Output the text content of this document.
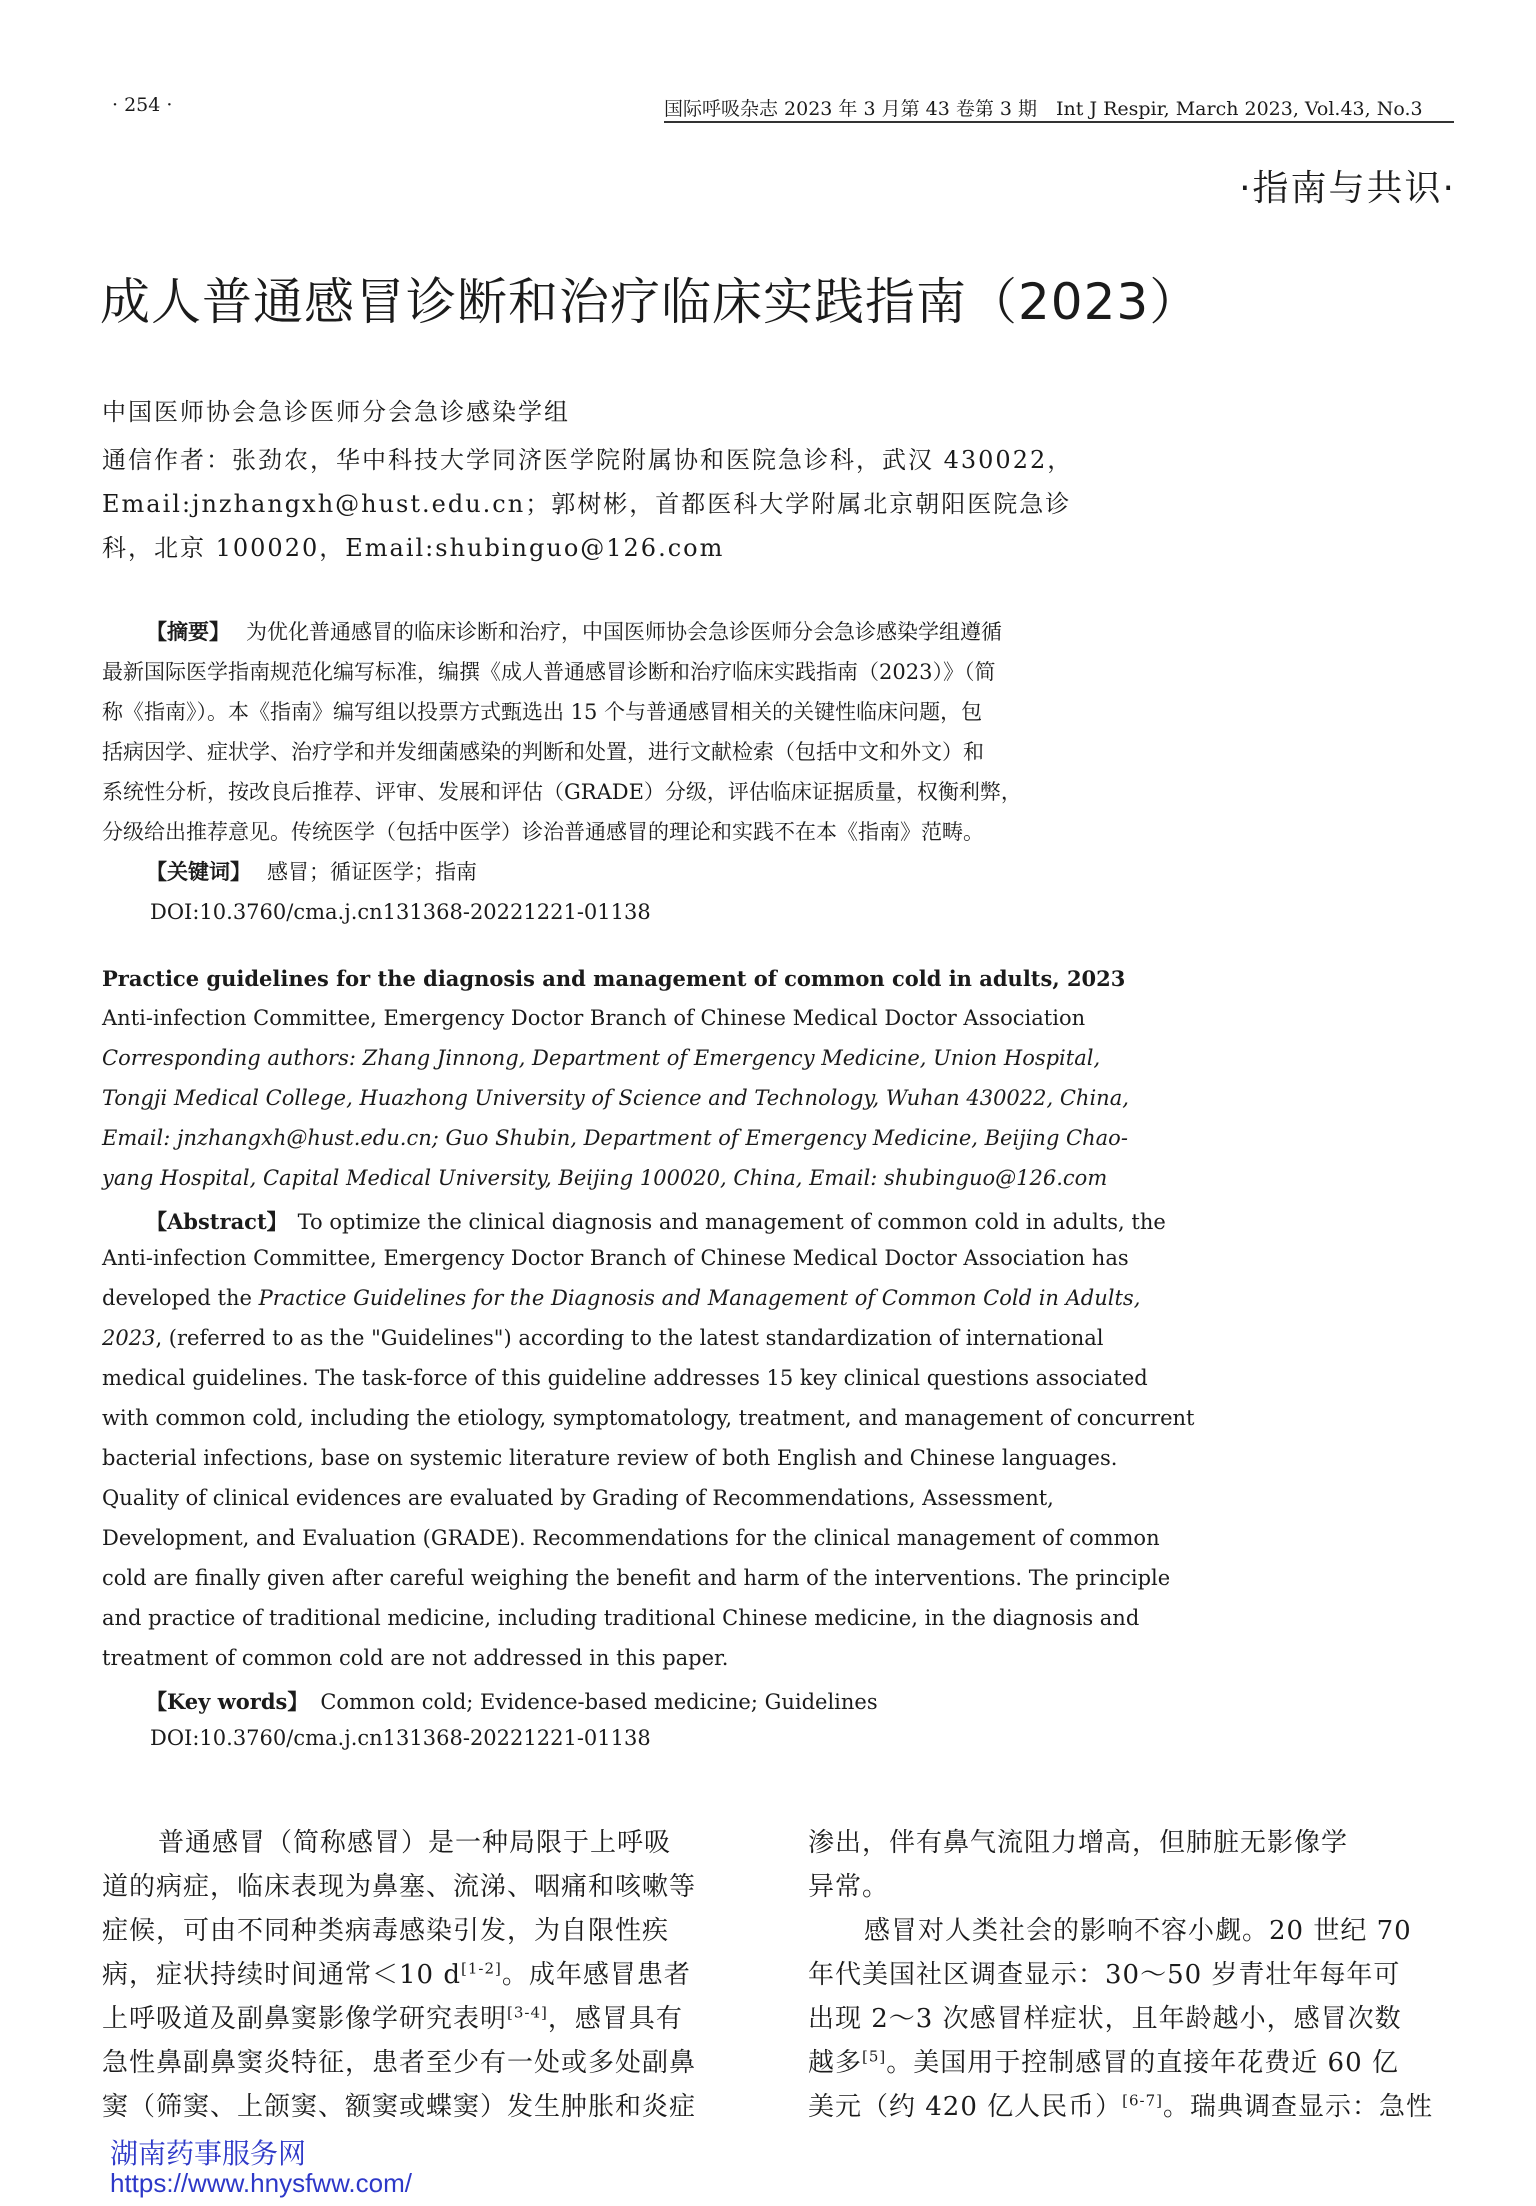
· 254 ·	国际呼吸杂志 2023 年 3 月第 43 卷第 3 期　Int J Respir, March 2023, Vol.43, No.3
·指南与共识·
成人普通感冒诊断和治疗临床实践指南（2023）
中国医师协会急诊医师分会急诊感染学组
通信作者：张劲农，华中科技大学同济医学院附属协和医院急诊科，武汉 430022，
Email:jnzhangxh@hust.edu.cn；郭树彬，首都医科大学附属北京朝阳医院急诊
科，北京 100020，Email:shubinguo@126.com
【摘要】 为优化普通感冒的临床诊断和治疗，中国医师协会急诊医师分会急诊感染学组遵循
最新国际医学指南规范化编写标准，编撰《成人普通感冒诊断和治疗临床实践指南（2023）》（简
称《指南》）。本《指南》编写组以投票方式甄选出 15 个与普通感冒相关的关键性临床问题，包
括病因学、症状学、治疗学和并发细菌感染的判断和处置，进行文献检索（包括中文和外文）和
系统性分析，按改良后推荐、评审、发展和评估（GRADE）分级，评估临床证据质量，权衡利弊，
分级给出推荐意见。传统医学（包括中医学）诊治普通感冒的理论和实践不在本《指南》范畴。
【关键词】 感冒；循证医学；指南
DOI:10.3760/cma.j.cn131368-20221221-01138
Practice guidelines for the diagnosis and management of common cold in adults, 2023
Anti-infection Committee, Emergency Doctor Branch of Chinese Medical Doctor Association
Corresponding authors: Zhang Jinnong, Department of Emergency Medicine, Union Hospital,
Tongji Medical College, Huazhong University of Science and Technology, Wuhan 430022, China,
Email: jnzhangxh@hust.edu.cn; Guo Shubin, Department of Emergency Medicine, Beijing Chao-
yang Hospital, Capital Medical University, Beijing 100020, China, Email: shubinguo@126.com
【Abstract】 To optimize the clinical diagnosis and management of common cold in adults, the
Anti-infection Committee, Emergency Doctor Branch of Chinese Medical Doctor Association has
developed the Practice Guidelines for the Diagnosis and Management of Common Cold in Adults,
2023, (referred to as the "Guidelines") according to the latest standardization of international
medical guidelines. The task-force of this guideline addresses 15 key clinical questions associated
with common cold, including the etiology, symptomatology, treatment, and management of concurrent
bacterial infections, base on systemic literature review of both English and Chinese languages.
Quality of clinical evidences are evaluated by Grading of Recommendations, Assessment,
Development, and Evaluation (GRADE). Recommendations for the clinical management of common
cold are finally given after careful weighing the benefit and harm of the interventions. The principle
and practice of traditional medicine, including traditional Chinese medicine, in the diagnosis and
treatment of common cold are not addressed in this paper.
【Key words】 Common cold; Evidence-based medicine; Guidelines
DOI:10.3760/cma.j.cn131368-20221221-01138
普通感冒（简称感冒）是一种局限于上呼吸
道的病症，临床表现为鼻塞、流涕、咽痛和咳嗽等
症候，可由不同种类病毒感染引发，为自限性疾
病，症状持续时间通常＜10 d[1-2]。成年感冒患者
上呼吸道及副鼻窦影像学研究表明[3-4]，感冒具有
急性鼻副鼻窦炎特征，患者至少有一处或多处副鼻
窦（筛窦、上颌窦、额窦或蝶窦）发生肿胀和炎症
渗出，伴有鼻气流阻力增高，但肺脏无影像学
异常。
感冒对人类社会的影响不容小觑。20 世纪 70
年代美国社区调查显示：30～50 岁青壮年每年可
出现 2～3 次感冒样症状，且年龄越小，感冒次数
越多[5]。美国用于控制感冒的直接年花费近 60 亿
美元（约 420 亿人民币）[6-7]。瑞典调查显示：急性
湖南药事服务网
https://www.hnysfww.com/
